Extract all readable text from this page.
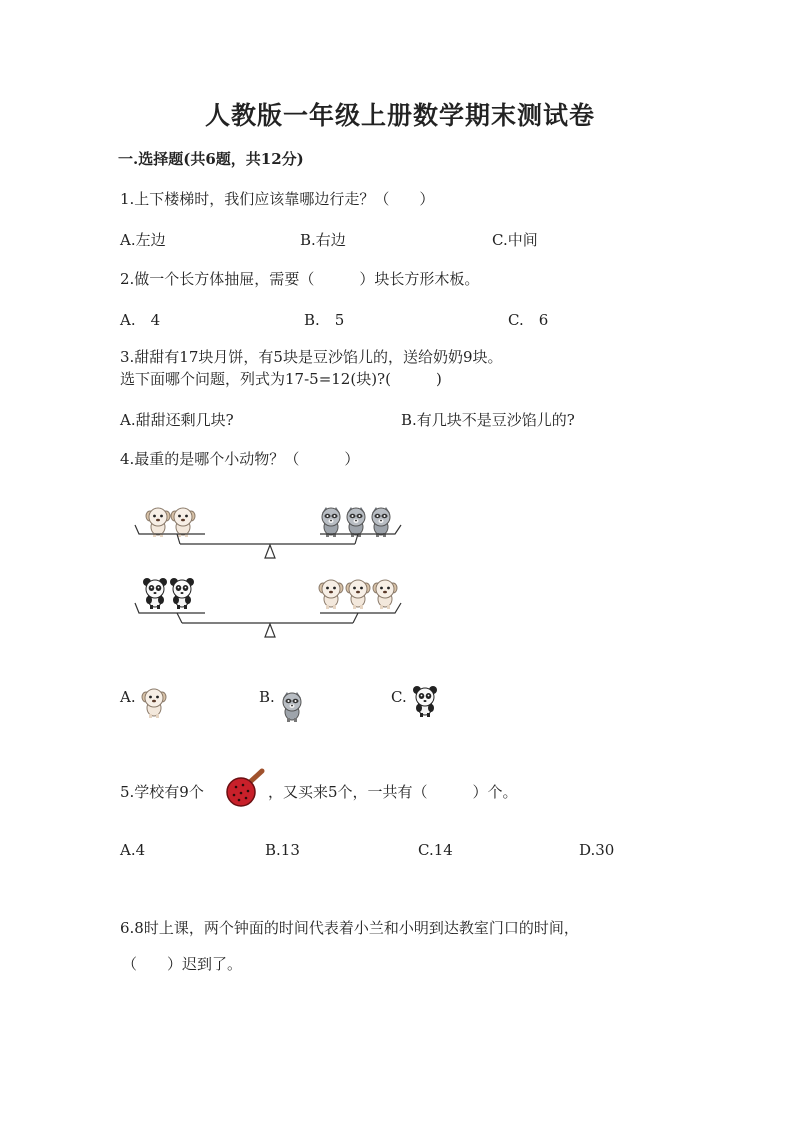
人教版一年级上册数学期末测试卷
一.选择题(共6题，共12分)
1.上下楼梯时，我们应该靠哪边行走？（　　）
A.左边	B.右边	C.中间
2.做一个长方体抽屉，需要（　　　）块长方形木板。
A.　4	B.　5	C.　6
3.甜甜有17块月饼，有5块是豆沙馅儿的，送给奶奶9块。
选下面哪个问题，列式为17-5=12(块)?(　　　)
A.甜甜还剩几块?	B.有几块不是豆沙馅儿的?
4.最重的是哪个小动物？（　　　）
A.	B.	C.
5.学校有9个	，又买来5个，一共有（　　　）个。
A.4	B.13	C.14	D.30
6.8时上课，两个钟面的时间代表着小兰和小明到达教室门口的时间，
（　　）迟到了。
